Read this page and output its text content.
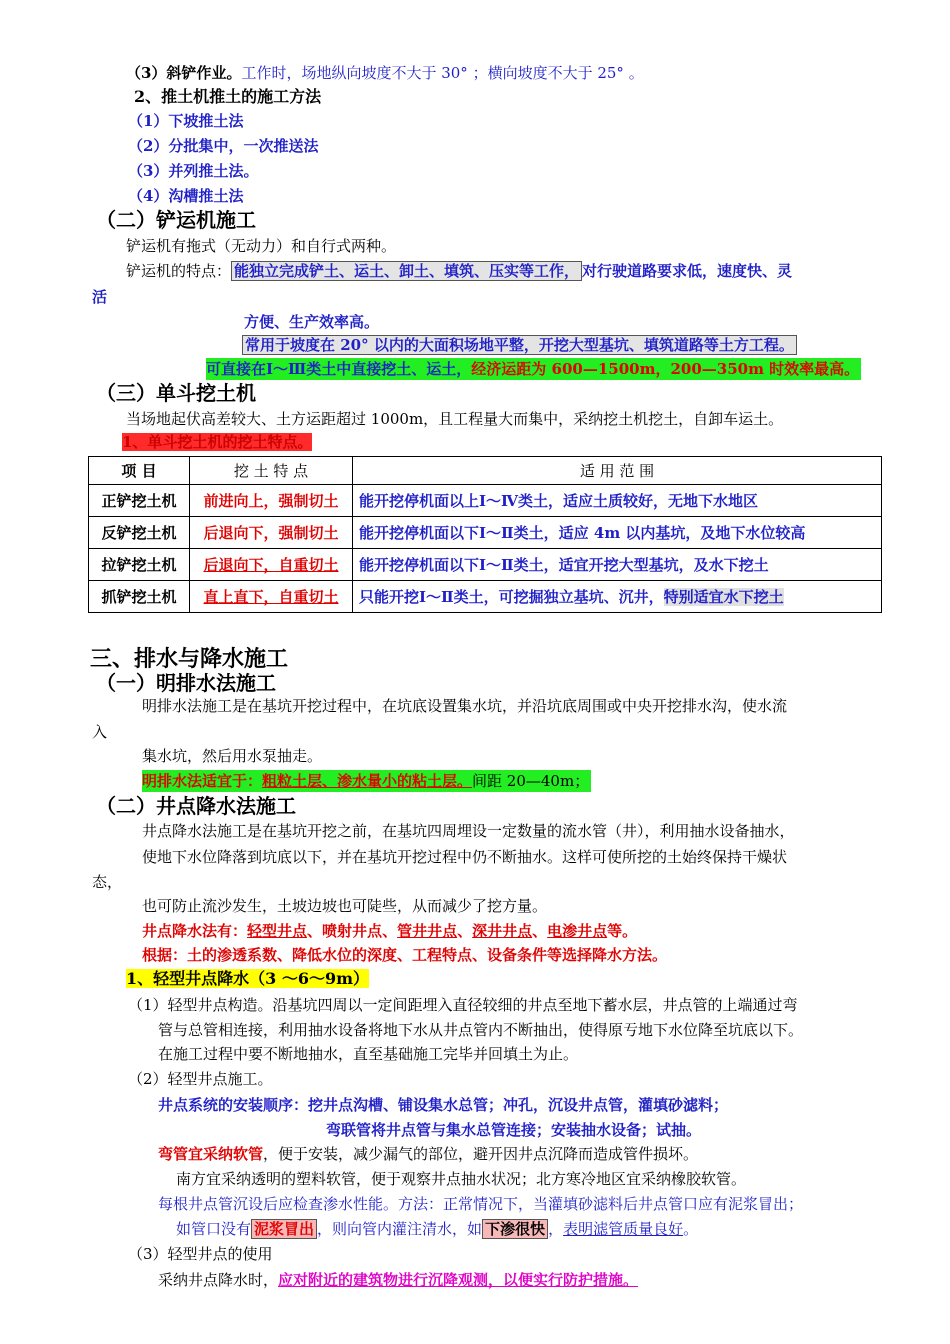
（3）斜铲作业。工作时，场地纵向坡度不大于 30° ；横向坡度不大于 25° 。
2、推土机推土的施工方法
（1）下坡推土法
（2）分批集中，一次推送法
（3）并列推土法。
（4）沟槽推土法
（二）铲运机施工
铲运机有拖式（无动力）和自行式两种。
铲运机的特点： 能独立完成铲土、运土、卸土、填筑、压实等工作， 对行驶道路要求低，速度快、灵
活
方便、生产效率高。
常用于坡度在 20° 以内的大面积场地平整，开挖大型基坑、填筑道路等土方工程。
可直接在Ⅰ～Ⅲ类土中直接挖土、运土，经济运距为 600—1500m，200—350m 时效率最高。
（三）单斗挖土机
当场地起伏高差较大、土方运距超过 1000m，且工程量大而集中，采纳挖土机挖土，自卸车运土。
1、单斗挖土机的挖土特点。
项 目	挖 土 特 点	适 用 范 围
正铲挖土机	前进向上，强制切土	能开挖停机面以上Ⅰ～Ⅳ类土，适应土质较好，无地下水地区
反铲挖土机	后退向下，强制切土	能开挖停机面以下Ⅰ～Ⅱ类土，适应 4m 以内基坑，及地下水位较高
拉铲挖土机	后退向下，自重切土	能开挖停机面以下Ⅰ～Ⅱ类土，适宜开挖大型基坑，及水下挖土
抓铲挖土机	直上直下，自重切土	只能开挖Ⅰ～Ⅱ类土，可挖掘独立基坑、沉井，特别适宜水下挖土
三、排水与降水施工
（一）明排水法施工
明排水法施工是在基坑开挖过程中，在坑底设置集水坑，并沿坑底周围或中央开挖排水沟，使水流
入
集水坑，然后用水泵抽走。
明排水法适宜于：粗粒土层、渗水量小的粘土层。间距 20—40m；
（二）井点降水法施工
井点降水法施工是在基坑开挖之前，在基坑四周埋设一定数量的流水管（井），利用抽水设备抽水，
使地下水位降落到坑底以下，并在基坑开挖过程中仍不断抽水。这样可使所挖的土始终保持干燥状
态，
也可防止流沙发生，土坡边坡也可陡些，从而减少了挖方量。
井点降水法有：轻型井点、喷射井点、管井井点、深井井点、电渗井点等。
根据：土的渗透系数、降低水位的深度、工程特点、设备条件等选择降水方法。
1、轻型井点降水（3 ～6～9m）
（1）轻型井点构造。沿基坑四周以一定间距埋入直径较细的井点至地下蓄水层，井点管的上端通过弯
管与总管相连接，利用抽水设备将地下水从井点管内不断抽出，使得原亐地下水位降至坑底以下。
在施工过程中要不断地抽水，直至基础施工完毕并回填土为止。
（2）轻型井点施工。
井点系统的安装顺序：挖井点沟槽、铺设集水总管；冲孔，沉设井点管，灌填砂滤料；
弯联管将井点管与集水总管连接；安装抽水设备；试抽。
弯管宜采纳软管，便于安装，减少漏气的部位，避开因井点沉降而造成管件损坏。
南方宜采纳透明的塑料软管，便于观察井点抽水状况；北方寒冷地区宜采纳橡胶软管。
每根井点管沉设后应检查渗水性能。方法：正常情况下，当灌填砂滤料后井点管口应有泥浆冒出；
如管口没有 泥浆冒出 ，则向管内灌注清水，如 下渗很快 ，表明滤管质量良好。
（3）轻型井点的使用
采纳井点降水时，应对附近的建筑物进行沉降观测，以便实行防护措施。
